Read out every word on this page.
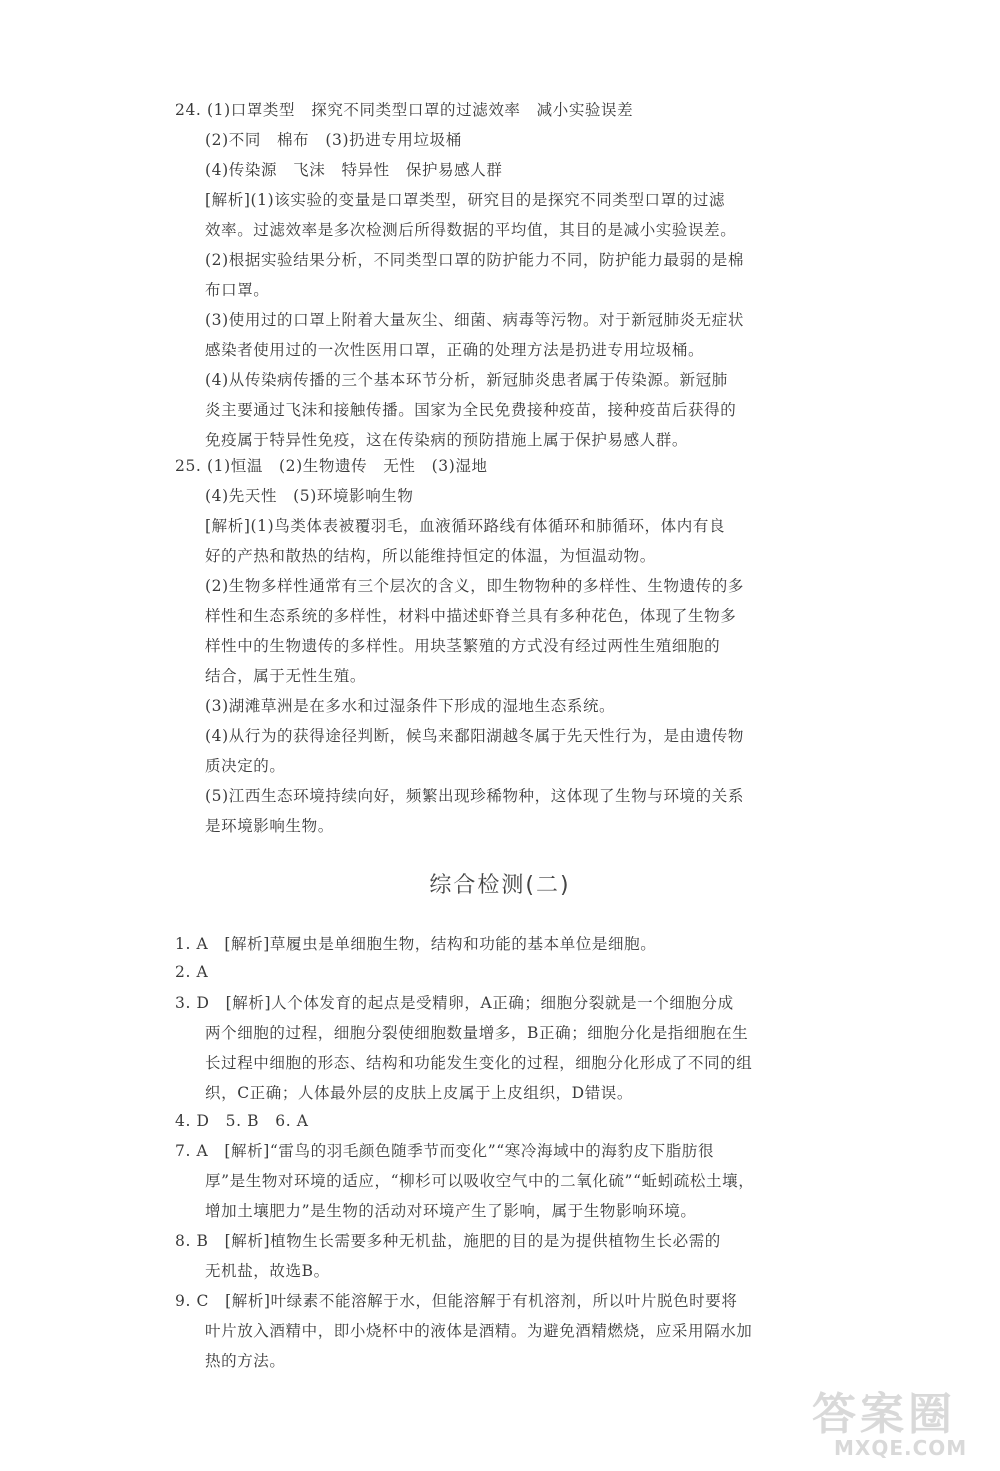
24. (1)口罩类型　探究不同类型口罩的过滤效率　减小实验误差
(2)不同　棉布　(3)扔进专用垃圾桶
(4)传染源　飞沫　特异性　保护易感人群
[解析](1)该实验的变量是口罩类型，研究目的是探究不同类型口罩的过滤
效率。过滤效率是多次检测后所得数据的平均值，其目的是减小实验误差。
(2)根据实验结果分析，不同类型口罩的防护能力不同，防护能力最弱的是棉
布口罩。
(3)使用过的口罩上附着大量灰尘、细菌、病毒等污物。对于新冠肺炎无症状
感染者使用过的一次性医用口罩，正确的处理方法是扔进专用垃圾桶。
(4)从传染病传播的三个基本环节分析，新冠肺炎患者属于传染源。新冠肺
炎主要通过飞沫和接触传播。国家为全民免费接种疫苗，接种疫苗后获得的
免疫属于特异性免疫，这在传染病的预防措施上属于保护易感人群。
25. (1)恒温　(2)生物遗传　无性　(3)湿地
(4)先天性　(5)环境影响生物
[解析](1)鸟类体表被覆羽毛，血液循环路线有体循环和肺循环，体内有良
好的产热和散热的结构，所以能维持恒定的体温，为恒温动物。
(2)生物多样性通常有三个层次的含义，即生物物种的多样性、生物遗传的多
样性和生态系统的多样性，材料中描述虾脊兰具有多种花色，体现了生物多
样性中的生物遗传的多样性。用块茎繁殖的方式没有经过两性生殖细胞的
结合，属于无性生殖。
(3)湖滩草洲是在多水和过湿条件下形成的湿地生态系统。
(4)从行为的获得途径判断，候鸟来鄱阳湖越冬属于先天性行为，是由遗传物
质决定的。
(5)江西生态环境持续向好，频繁出现珍稀物种，这体现了生物与环境的关系
是环境影响生物。
1. A　[解析]草履虫是单细胞生物，结构和功能的基本单位是细胞。
2. A
3. D　[解析]人个体发育的起点是受精卵，A正确；细胞分裂就是一个细胞分成
两个细胞的过程，细胞分裂使细胞数量增多，B正确；细胞分化是指细胞在生
长过程中细胞的形态、结构和功能发生变化的过程，细胞分化形成了不同的组
织，C正确；人体最外层的皮肤上皮属于上皮组织，D错误。
4. D　5. B　6. A
7. A　[解析]“雷鸟的羽毛颜色随季节而变化”“寒冷海域中的海豹皮下脂肪很
厚”是生物对环境的适应，“柳杉可以吸收空气中的二氧化硫”“蚯蚓疏松土壤，
增加土壤肥力”是生物的活动对环境产生了影响，属于生物影响环境。
8. B　[解析]植物生长需要多种无机盐，施肥的目的是为提供植物生长必需的
无机盐，故选B。
9. C　[解析]叶绿素不能溶解于水，但能溶解于有机溶剂，所以叶片脱色时要将
叶片放入酒精中，即小烧杯中的液体是酒精。为避免酒精燃烧，应采用隔水加
热的方法。
综合检测(二)
答案圈
MXQE.COM
